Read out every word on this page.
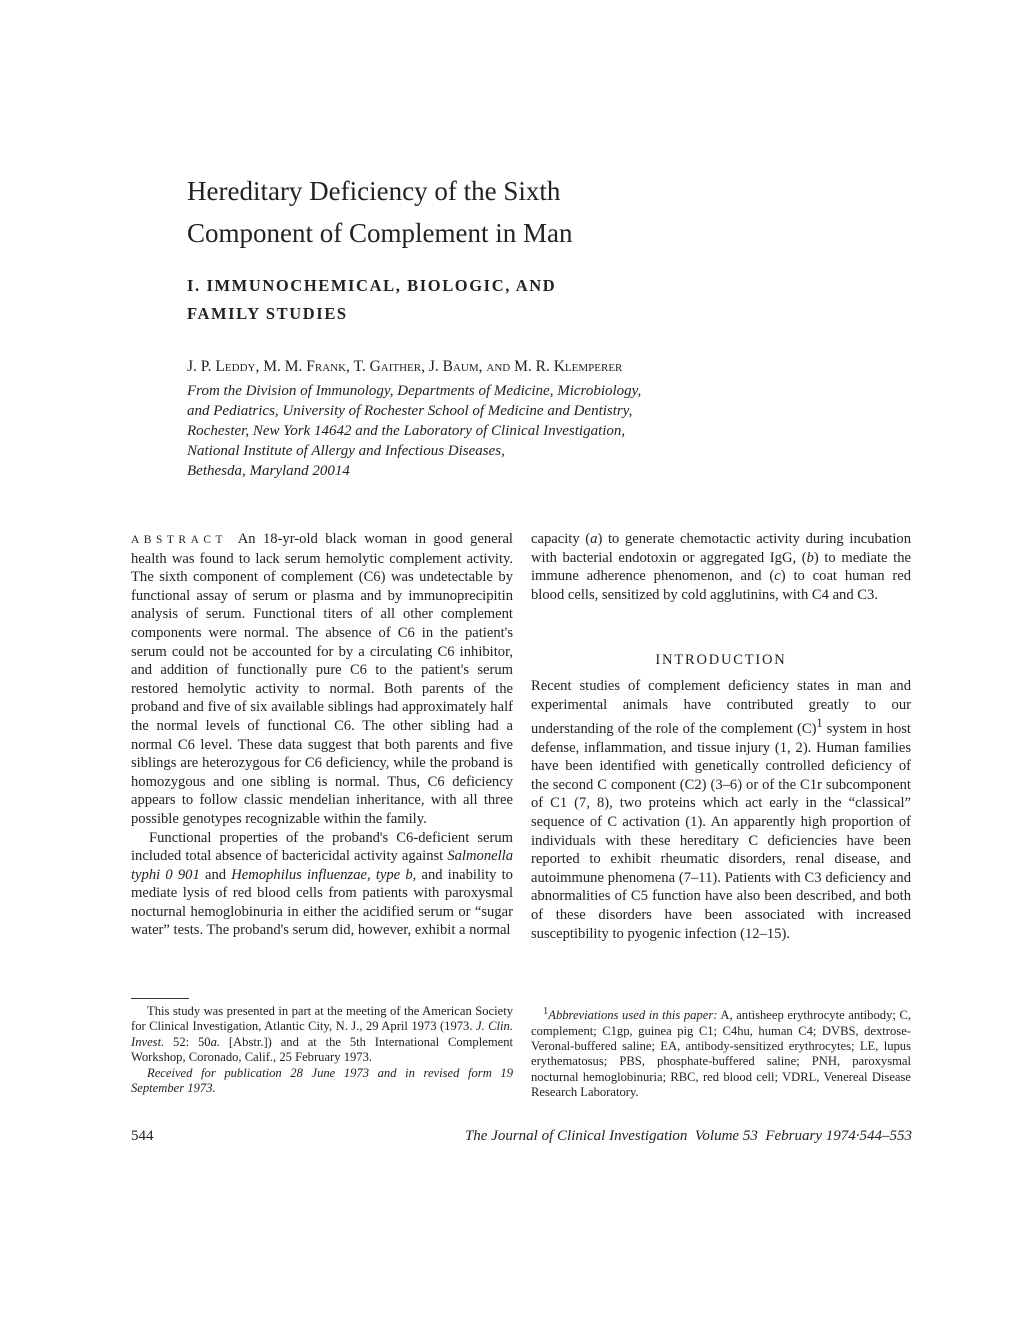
Hereditary Deficiency of the Sixth
Component of Complement in Man
I. IMMUNOCHEMICAL, BIOLOGIC, AND
FAMILY STUDIES
J. P. Leddy, M. M. Frank, T. Gaither, J. Baum, and M. R. Klemperer
From the Division of Immunology, Departments of Medicine, Microbiology,
and Pediatrics, University of Rochester School of Medicine and Dentistry,
Rochester, New York 14642 and the Laboratory of Clinical Investigation,
National Institute of Allergy and Infectious Diseases,
Bethesda, Maryland 20014

ABSTRACT An 18-yr-old black woman in good general health was found to lack serum hemolytic complement activity. The sixth component of complement (C6) was undetectable by functional assay of serum or plasma and by immunoprecipitin analysis of serum. Functional titers of all other complement components were normal. The absence of C6 in the patient's serum could not be accounted for by a circulating C6 inhibitor, and addition of functionally pure C6 to the patient's serum restored hemolytic activity to normal. Both parents of the proband and five of six available siblings had approximately half the normal levels of functional C6. The other sibling had a normal C6 level. These data suggest that both parents and five siblings are heterozygous for C6 deficiency, while the proband is homozygous and one sibling is normal. Thus, C6 deficiency appears to follow classic mendelian inheritance, with all three possible genotypes recognizable within the family.

Functional properties of the proband's C6-deficient serum included total absence of bactericidal activity against Salmonella typhi 0 901 and Hemophilus influenzae, type b, and inability to mediate lysis of red blood cells from patients with paroxysmal nocturnal hemoglobinuria in either the acidified serum or “sugar water” tests. The proband's serum did, however, exhibit a normal

capacity (a) to generate chemotactic activity during incubation with bacterial endotoxin or aggregated IgG, (b) to mediate the immune adherence phenomenon, and (c) to coat human red blood cells, sensitized by cold agglutinins, with C4 and C3.

INTRODUCTION

Recent studies of complement deficiency states in man and experimental animals have contributed greatly to our understanding of the role of the complement $(C)^1$ system in host defense, inflammation, and tissue injury (1, 2). Human families have been identified with genetically controlled deficiency of the second C component (C2) (3–6) or of the C1r subcomponent of C1 (7, 8), two proteins which act early in the “classical” sequence of C activation (1). An apparently high proportion of individuals with these hereditary C deficiencies have been reported to exhibit rheumatic disorders, renal disease, and autoimmune phenomena (7–11). Patients with C3 deficiency and abnormalities of C5 function have also been described, and both of these disorders have been associated with increased susceptibility to pyogenic infection (12–15).

This study was presented in part at the meeting of the American Society for Clinical Investigation, Atlantic City, N. J., 29 April 1973 (1973. J. Clin. Invest. 52: 50a. [Abstr.]) and at the 5th International Complement Workshop, Coronado, Calif., 25 February 1973.

Received for publication 28 June 1973 and in revised form 19 September 1973.

$^1$Abbreviations used in this paper: A, antisheep erythrocyte antibody; C, complement; C1gp, guinea pig C1; C4hu, human C4; DVBS, dextrose-Veronal-buffered saline; EA, antibody-sensitized erythrocytes; LE, lupus erythematosus; PBS, phosphate-buffered saline; PNH, paroxysmal nocturnal hemoglobinuria; RBC, red blood cell; VDRL, Venereal Disease Research Laboratory.

544	The Journal of Clinical Investigation Volume 53 February 1974·544–553
